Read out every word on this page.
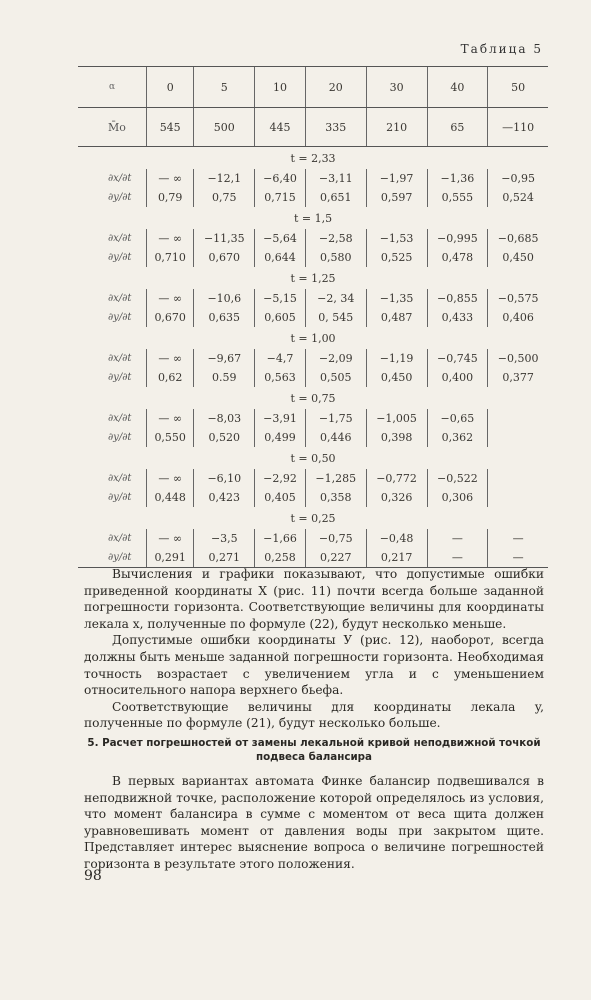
Таблица 5
α	0	5	10	20	30	40	50
M̄o	545	500	445	335	210	65	—110
t = 2,33							
∂x/∂t	— ∞	−12,1	−6,40	−3,11	−1,97	−1,36	−0,95
∂y/∂t	0,79	0,75	0,715	0,651	0,597	0,555	0,524
t = 1,5							
∂x/∂t	— ∞	−11,35	−5,64	−2,58	−1,53	−0,995	−0,685
∂y/∂t	0,710	0,670	0,644	0,580	0,525	0,478	0,450
t = 1,25							
∂x/∂t	— ∞	−10,6	−5,15	−2, 34	−1,35	−0,855	−0,575
∂y/∂t	0,670	0,635	0,605	0, 545	0,487	0,433	0,406
t = 1,00							
∂x/∂t	— ∞	−9,67	−4,7	−2,09	−1,19	−0,745	−0,500
∂y/∂t	0,62	0.59	0,563	0,505	0,450	0,400	0,377
t = 0,75							
∂x/∂t	— ∞	−8,03	−3,91	−1,75	−1,005	−0,65	
∂y/∂t	0,550	0,520	0,499	0,446	0,398	0,362	
t = 0,50							
∂x/∂t	— ∞	−6,10	−2,92	−1,285	−0,772	−0,522	
∂y/∂t	0,448	0,423	0,405	0,358	0,326	0,306	
t = 0,25							
∂x/∂t	— ∞	−3,5	−1,66	−0,75	−0,48	—	—
∂y/∂t	0,291	0,271	0,258	0,227	0,217	—	—

Вычисления и графики показывают, что допустимые ошибки приведенной координаты X (рис. 11) почти всегда больше заданной погрешности горизонта. Соответствующие величины для координаты лекала x, полученные по формуле (22), будут несколько меньше.

Допустимые ошибки координаты У (рис. 12), наоборот, всегда должны быть меньше заданной погрешности горизонта. Необходимая точность возрастает с увеличением угла и с уменьшением относительного напора верхнего бьефа.

Соответствующие величины для координаты лекала y, полученные по формуле (21), будут несколько больше.

5. Расчет погрешностей от замены лекальной кривой неподвижной точкой подвеса балансира

В первых вариантах автомата Финке балансир подвешивался в неподвижной точке, расположение которой определялось из условия, что момент балансира в сумме с моментом от веса щита должен уравновешивать момент от давления воды при закрытом щите. Представляет интерес выяснение вопроса о величине погрешностей горизонта в результате этого положения.

98
